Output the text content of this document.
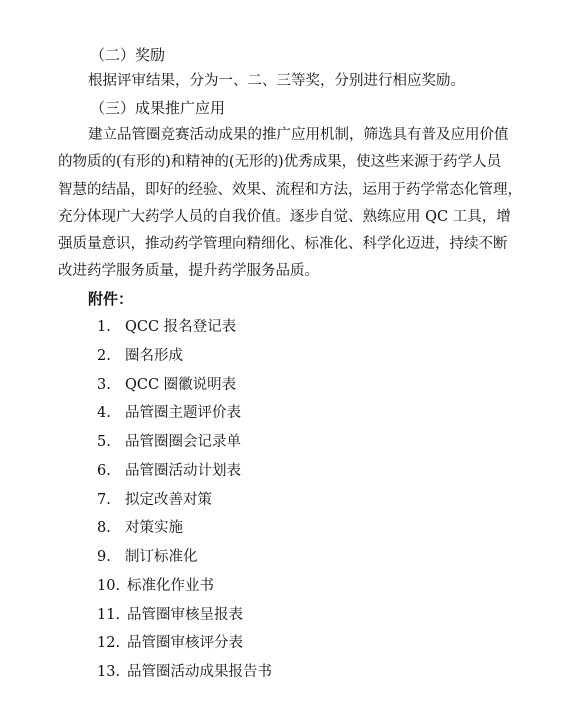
（二）奖励
根据评审结果，分为一、二、三等奖，分别进行相应奖励。
（三）成果推广应用
建立品管圈竞赛活动成果的推广应用机制，筛选具有普及应用价值
的物质的(有形的)和精神的(无形的)优秀成果，使这些来源于药学人员
智慧的结晶，即好的经验、效果、流程和方法，运用于药学常态化管理，
充分体现广大药学人员的自我价值。逐步自觉、熟练应用 QC 工具，增
强质量意识，推动药学管理向精细化、标准化、科学化迈进，持续不断
改进药学服务质量，提升药学服务品质。
附件：
1. QCC 报名登记表
2. 圈名形成
3. QCC 圈徽说明表
4. 品管圈主题评价表
5. 品管圈圈会记录单
6. 品管圈活动计划表
7. 拟定改善对策
8. 对策实施
9. 制订标准化
10. 标准化作业书
11. 品管圈审核呈报表
12. 品管圈审核评分表
13. 品管圈活动成果报告书
